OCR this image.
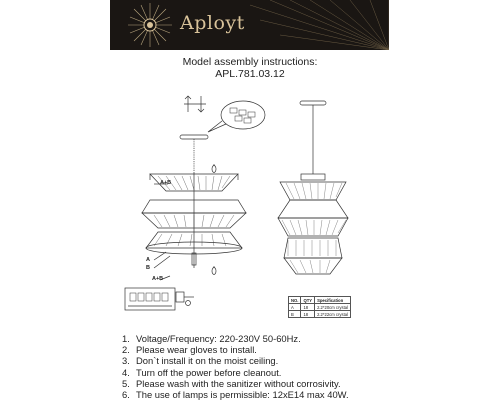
Aployt
Model assembly instructions:
APL.781.03.12
A+B
A
B
A+B
NO.	QTY	Specification
A	18	2.2*20cm crystal
B	18	2.2*22cm crystal
1. Voltage/Frequency: 220-230V 50-60Hz.
2. Please wear gloves to install.
3. Don`t install it on the moist ceiling.
4. Turn off the power before cleanout.
5. Please wash with the sanitizer without corrosivity.
6. The use of lamps is permissible: 12xE14 max 40W.
